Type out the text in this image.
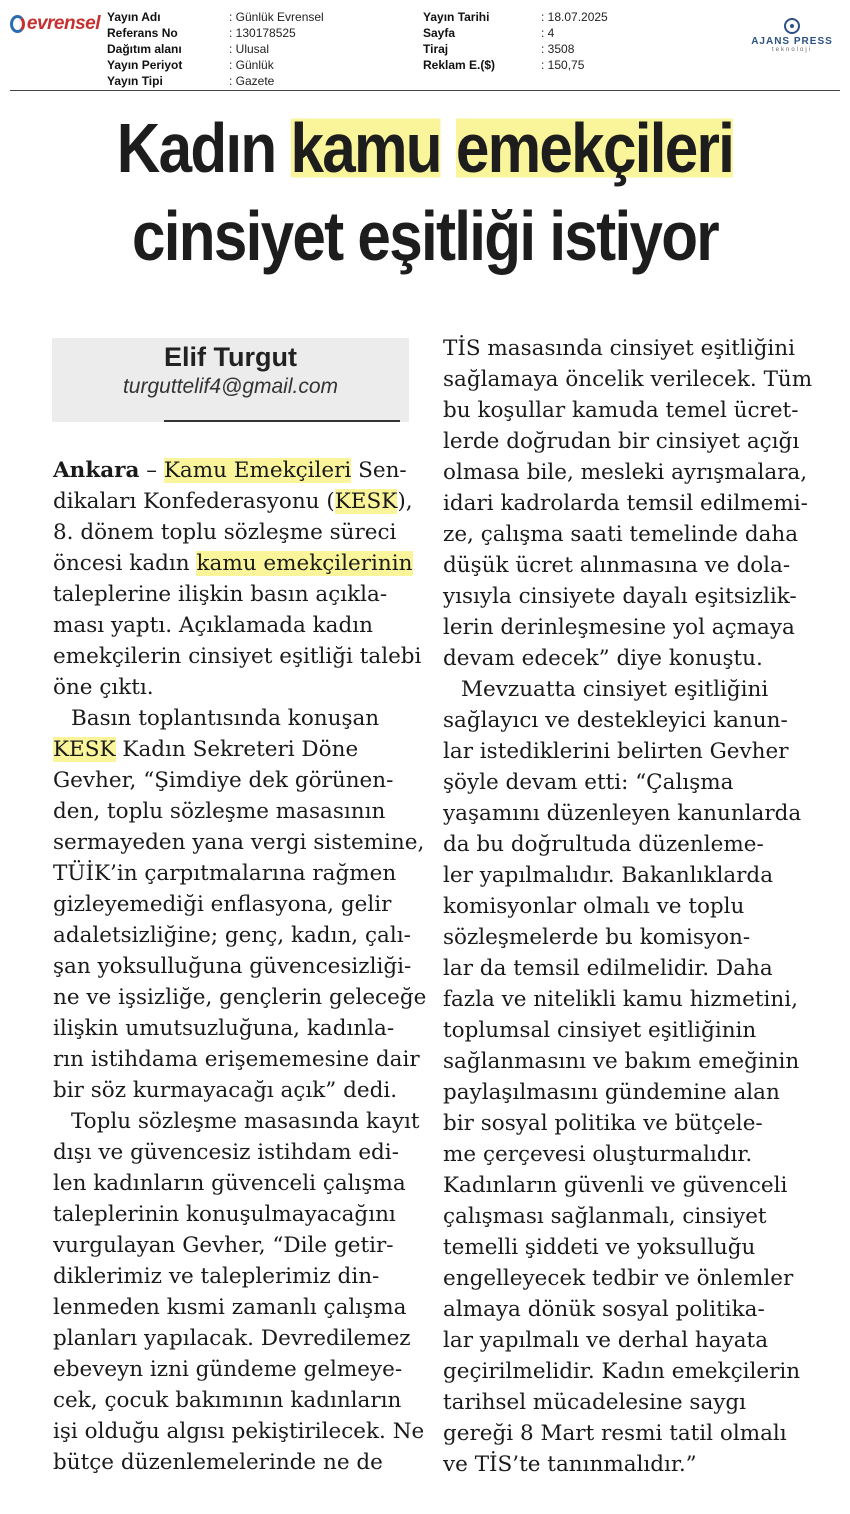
evrensel Yayın Adı	: Günlük Evrensel
Referans No	: 130178525
Dağıtım alanı	: Ulusal
Yayın Periyot	: Günlük
Yayın Tipi	: Gazete
Yayın Tarihi	: 18.07.2025
Sayfa	: 4
Tiraj	: 3508
Reklam E.($)	: 150,75
AJANS PRESS
teknoloji
Kadın kamu emekçileri
cinsiyet eşitliği istiyor
Elif Turgut
turguttelif4@gmail.com

Ankara – Kamu Emekçileri Sen-

dikaları Konfederasyonu (KESK),

8. dönem toplu sözleşme süreci

öncesi kadın kamu emekçilerinin

taleplerine ilişkin basın açıkla-

ması yaptı. Açıklamada kadın

emekçilerin cinsiyet eşitliği talebi

öne çıktı.

Basın toplantısında konuşan

KESK Kadın Sekreteri Döne

Gevher, “Şimdiye dek görünen-

den, toplu sözleşme masasının

sermayeden yana vergi sistemine,

TÜİK’in çarpıtmalarına rağmen

gizleyemediği enflasyona, gelir

adaletsizliğine; genç, kadın, çalı-

şan yoksulluğuna güvencesizliği-

ne ve işsizliğe, gençlerin geleceğe

ilişkin umutsuzluğuna, kadınla-

rın istihdama erişememesine dair

bir söz kurmayacağı açık” dedi.

Toplu sözleşme masasında kayıt

dışı ve güvencesiz istihdam edi-

len kadınların güvenceli çalışma

taleplerinin konuşulmayacağını

vurgulayan Gevher, “Dile getir-

diklerimiz ve taleplerimiz din-

lenmeden kısmi zamanlı çalışma

planları yapılacak. Devredilemez

ebeveyn izni gündeme gelmeye-

cek, çocuk bakımının kadınların

işi olduğu algısı pekiştirilecek. Ne

bütçe düzenlemelerinde ne de

TİS masasında cinsiyet eşitliğini

sağlamaya öncelik verilecek. Tüm

bu koşullar kamuda temel ücret-

lerde doğrudan bir cinsiyet açığı

olmasa bile, mesleki ayrışmalara,

idari kadrolarda temsil edilmemi-

ze, çalışma saati temelinde daha

düşük ücret alınmasına ve dola-

yısıyla cinsiyete dayalı eşitsizlik-

lerin derinleşmesine yol açmaya

devam edecek” diye konuştu.

Mevzuatta cinsiyet eşitliğini

sağlayıcı ve destekleyici kanun-

lar istediklerini belirten Gevher

şöyle devam etti: “Çalışma

yaşamını düzenleyen kanunlarda

da bu doğrultuda düzenleme-

ler yapılmalıdır. Bakanlıklarda

komisyonlar olmalı ve toplu

sözleşmelerde bu komisyon-

lar da temsil edilmelidir. Daha

fazla ve nitelikli kamu hizmetini,

toplumsal cinsiyet eşitliğinin

sağlanmasını ve bakım emeğinin

paylaşılmasını gündemine alan

bir sosyal politika ve bütçele-

me çerçevesi oluşturmalıdır.

Kadınların güvenli ve güvenceli

çalışması sağlanmalı, cinsiyet

temelli şiddeti ve yoksulluğu

engelleyecek tedbir ve önlemler

almaya dönük sosyal politika-

lar yapılmalı ve derhal hayata

geçirilmelidir. Kadın emekçilerin

tarihsel mücadelesine saygı

gereği 8 Mart resmi tatil olmalı

ve TİS’te tanınmalıdır.”
